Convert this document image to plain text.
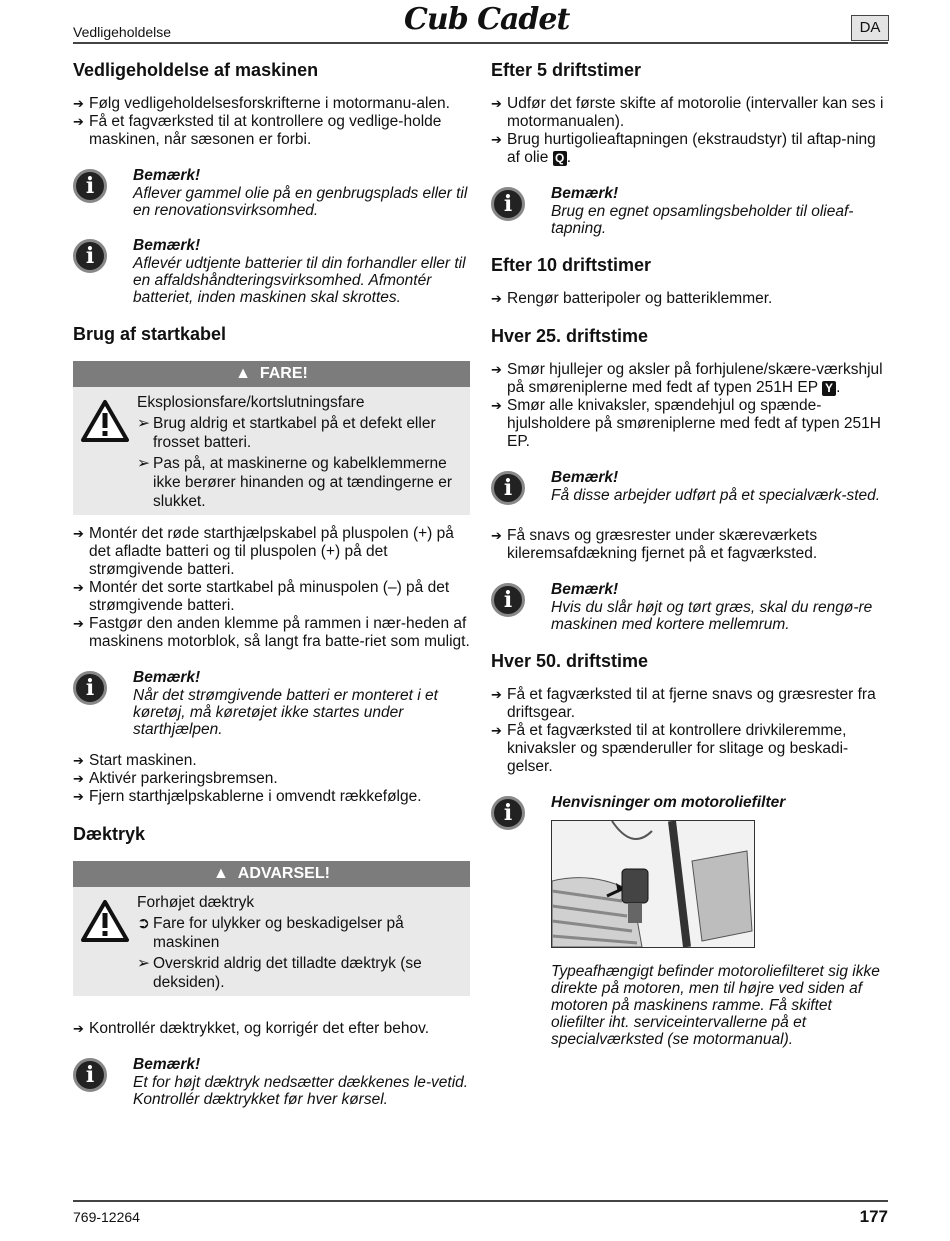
Vedligeholdelse	Cub Cadet	DA
Vedligeholdelse af maskinen
➔ Følg vedligeholdelsesforskrifterne i motormanu-alen.
➔ Få et fagværksted til at kontrollere og vedlige-holde maskinen, når sæsonen er forbi.
i	Bemærk!
Aflever gammel olie på en genbrugsplads eller til en renovationsvirksomhed.
i	Bemærk!
Aflevér udtjente batterier til din forhandler eller til en affaldshåndteringsvirksomhed. Afmontér batteriet, inden maskinen skal skrottes.
Brug af startkabel
▲ FARE!
Eksplosionsfare/kortslutningsfare
➢ Brug aldrig et startkabel på et defekt eller frosset batteri.
➢ Pas på, at maskinerne og kabelklemmerne ikke berører hinanden og at tændingerne er slukket.
➔ Montér det røde starthjælpskabel på pluspolen (+) på det afladte batteri og til pluspolen (+) på det strømgivende batteri.
➔ Montér det sorte startkabel på minuspolen (–) på det strømgivende batteri.
➔ Fastgør den anden klemme på rammen i nær-heden af maskinens motorblok, så langt fra batte-riet som muligt.
i	Bemærk!
Når det strømgivende batteri er monteret i et køretøj, må køretøjet ikke startes under starthjælpen.
➔ Start maskinen.
➔ Aktivér parkeringsbremsen.
➔ Fjern starthjælpskablerne i omvendt rækkefølge.
Dæktryk
▲ ADVARSEL!
Forhøjet dæktryk
➲ Fare for ulykker og beskadigelser på maskinen
➢ Overskrid aldrig det tilladte dæktryk (se deksiden).
➔ Kontrollér dæktrykket, og korrigér det efter behov.
i	Bemærk!
Et for højt dæktryk nedsætter dækkenes le-vetid. Kontrollér dæktrykket før hver kørsel.
Efter 5 driftstimer
➔ Udfør det første skifte af motorolie (intervaller kan ses i motormanualen).
➔ Brug hurtigolieaftapningen (ekstraudstyr) til aftap-ning af olie Q .
i	Bemærk!
Brug en egnet opsamlingsbeholder til olieaf-tapning.
Efter 10 driftstimer
➔ Rengør batteripoler og batteriklemmer.
Hver 25. driftstime
➔ Smør hjullejer og aksler på forhjulene/skære-værkshjul på smøreniplerne med fedt af typen 251H EP Y .
➔ Smør alle knivaksler, spændehjul og spænde-hjulsholdere på smøreniplerne med fedt af typen 251H EP.
i	Bemærk!
Få disse arbejder udført på et specialværk-sted.
➔ Få snavs og græsrester under skæreværkets kileremsafdækning fjernet på et fagværksted.
i	Bemærk!
Hvis du slår højt og tørt græs, skal du rengø-re maskinen med kortere mellemrum.
Hver 50. driftstime
➔ Få et fagværksted til at fjerne snavs og græsrester fra driftsgear.
➔ Få et fagværksted til at kontrollere drivkileremme, knivaksler og spænderuller for slitage og beskadi-gelser.
i	Henvisninger om motoroliefilter
Typeafhængigt befinder motoroliefilteret sig ikke direkte på motoren, men til højre ved siden af motoren på maskinens ramme. Få skiftet oliefilter iht. serviceintervallerne på et specialværksted (se motormanual).
769-12264	177
